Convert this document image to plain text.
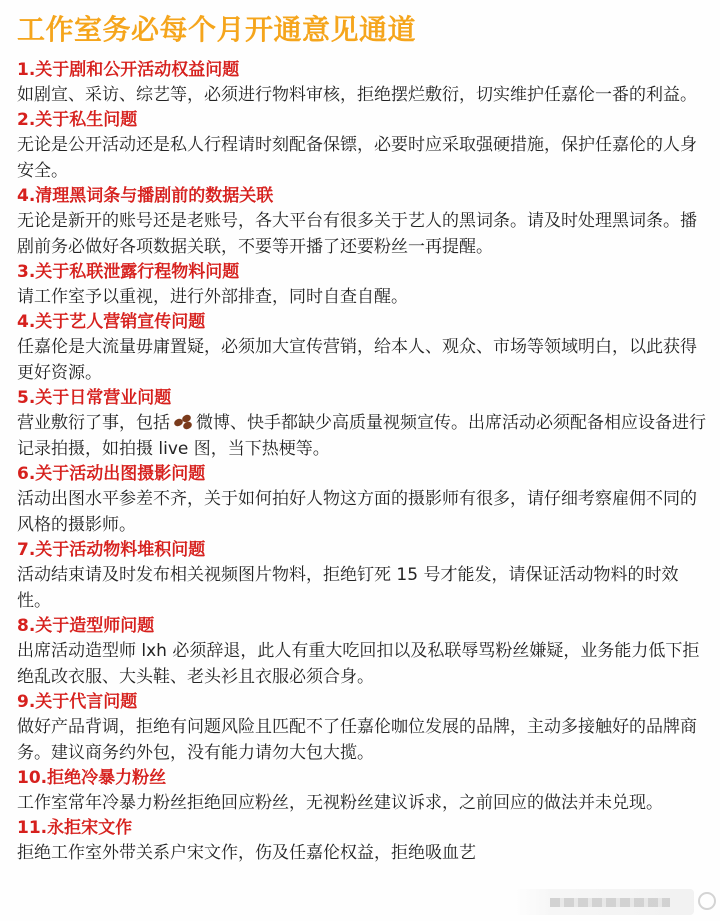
工作室务必每个月开通意见通道
1.关于剧和公开活动权益问题
如剧宣、采访、综艺等，必须进行物料审核，拒绝摆烂敷衍，切实维护任嘉伦一番的利益。
2.关于私生问题
无论是公开活动还是私人行程请时刻配备保镖，必要时应采取强硬措施，保护任嘉伦的人身安全。
4.清理黑词条与播剧前的数据关联
无论是新开的账号还是老账号，各大平台有很多关于艺人的黑词条。请及时处理黑词条。播剧前务必做好各项数据关联，不要等开播了还要粉丝一再提醒。
3.关于私联泄露行程物料问题
请工作室予以重视，进行外部排查，同时自查自醒。
4.关于艺人营销宣传问题
任嘉伦是大流量毋庸置疑，必须加大宣传营销，给本人、观众、市场等领域明白，以此获得更好资源。
5.关于日常营业问题
营业敷衍了事，包括 微博、快手都缺少高质量视频宣传。出席活动必须配备相应设备进行记录拍摄，如拍摄 live 图，当下热梗等。
6.关于活动出图摄影问题
活动出图水平参差不齐，关于如何拍好人物这方面的摄影师有很多，请仔细考察雇佣不同的风格的摄影师。
7.关于活动物料堆积问题
活动结束请及时发布相关视频图片物料，拒绝钉死 15 号才能发，请保证活动物料的时效性。
8.关于造型师问题
出席活动造型师 lxh 必须辞退，此人有重大吃回扣以及私联辱骂粉丝嫌疑，业务能力低下拒绝乱改衣服、大头鞋、老头衫且衣服必须合身。
9.关于代言问题
做好产品背调，拒绝有问题风险且匹配不了任嘉伦咖位发展的品牌，主动多接触好的品牌商务。建议商务约外包，没有能力请勿大包大揽。
10.拒绝冷暴力粉丝
工作室常年冷暴力粉丝拒绝回应粉丝，无视粉丝建议诉求，之前回应的做法并未兑现。
11.永拒宋文作
拒绝工作室外带关系户宋文作，伤及任嘉伦权益，拒绝吸血艺
